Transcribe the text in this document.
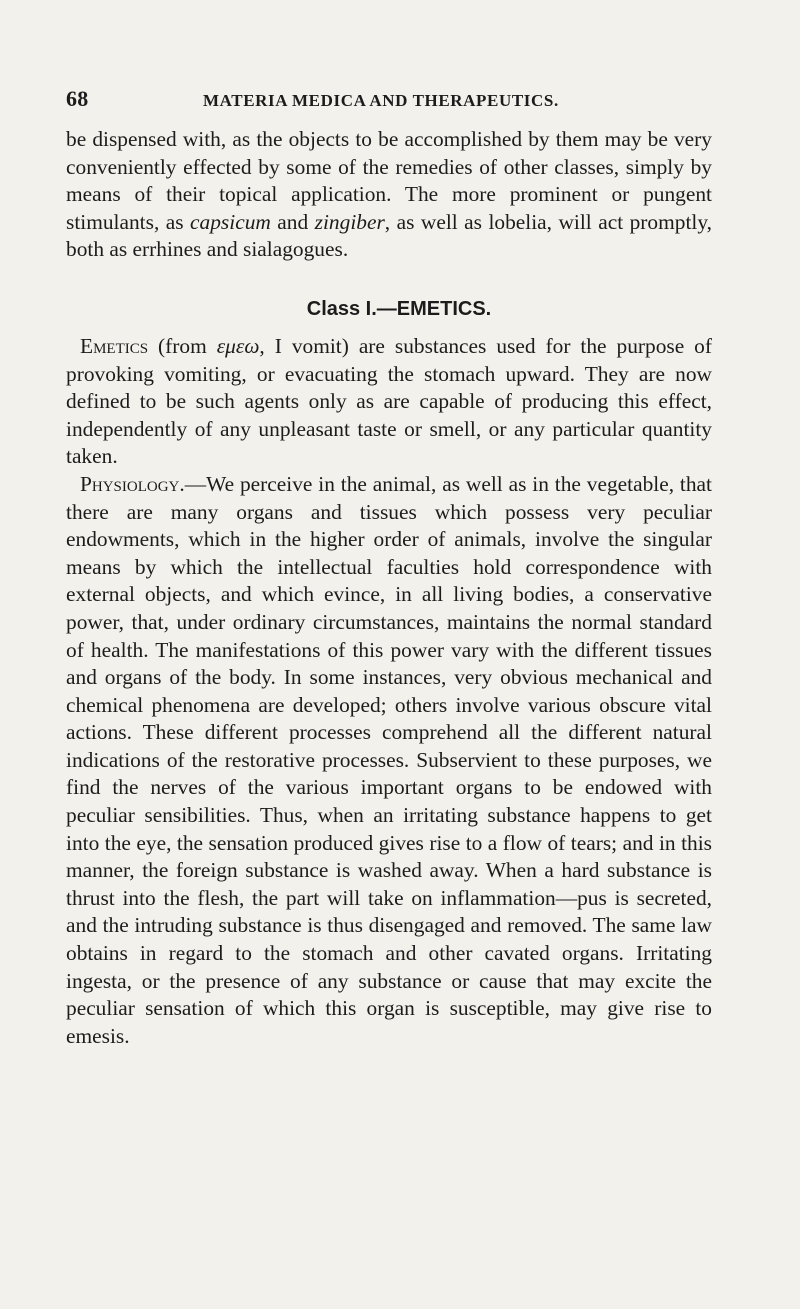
68	MATERIA MEDICA AND THERAPEUTICS.

be dispensed with, as the objects to be accomplished by them may be very conveniently effected by some of the remedies of other classes, simply by means of their topical application. The more prominent or pungent stimulants, as capsicum and zingiber, as well as lobelia, will act promptly, both as errhines and sialagogues.

Class I.—EMETICS.

Emetics (from εμεω, I vomit) are substances used for the purpose of provoking vomiting, or evacuating the stomach upward. They are now defined to be such agents only as are capable of producing this effect, independently of any unpleasant taste or smell, or any particular quantity taken.

Physiology.—We perceive in the animal, as well as in the vegetable, that there are many organs and tissues which possess very peculiar endowments, which in the higher order of animals, involve the singular means by which the intellectual faculties hold correspondence with external objects, and which evince, in all living bodies, a conservative power, that, under ordinary circumstances, maintains the normal standard of health. The manifestations of this power vary with the different tissues and organs of the body. In some instances, very obvious mechanical and chemical phenomena are developed; others involve various obscure vital actions. These different processes comprehend all the different natural indications of the restorative processes. Subservient to these purposes, we find the nerves of the various important organs to be endowed with peculiar sensibilities. Thus, when an irritating substance happens to get into the eye, the sensation produced gives rise to a flow of tears; and in this manner, the foreign substance is washed away. When a hard substance is thrust into the flesh, the part will take on inflammation—pus is secreted, and the intruding substance is thus disengaged and removed. The same law obtains in regard to the stomach and other cavated organs. Irritating ingesta, or the presence of any substance or cause that may excite the peculiar sensation of which this organ is susceptible, may give rise to emesis.
